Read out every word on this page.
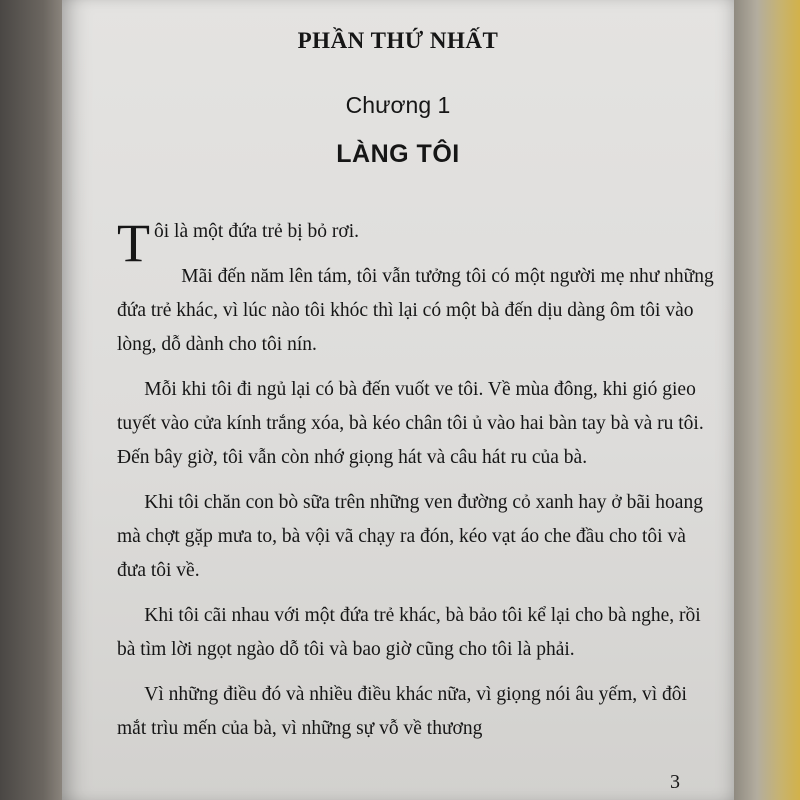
PHẦN THỨ NHẤT
Chương 1
LÀNG TÔI

Tôi là một đứa trẻ bị bỏ rơi.

Mãi đến năm lên tám, tôi vẫn tưởng tôi có một người mẹ như những đứa trẻ khác, vì lúc nào tôi khóc thì lại có một bà đến dịu dàng ôm tôi vào lòng, dỗ dành cho tôi nín.

Mỗi khi tôi đi ngủ lại có bà đến vuốt ve tôi. Về mùa đông, khi gió gieo tuyết vào cửa kính trắng xóa, bà kéo chân tôi ủ vào hai bàn tay bà và ru tôi. Đến bây giờ, tôi vẫn còn nhớ giọng hát và câu hát ru của bà.

Khi tôi chăn con bò sữa trên những ven đường cỏ xanh hay ở bãi hoang mà chợt gặp mưa to, bà vội vã chạy ra đón, kéo vạt áo che đầu cho tôi và đưa tôi về.

Khi tôi cãi nhau với một đứa trẻ khác, bà bảo tôi kể lại cho bà nghe, rồi bà tìm lời ngọt ngào dỗ tôi và bao giờ cũng cho tôi là phải.

Vì những điều đó và nhiều điều khác nữa, vì giọng nói âu yếm, vì đôi mắt trìu mến của bà, vì những sự vỗ về thương

3
